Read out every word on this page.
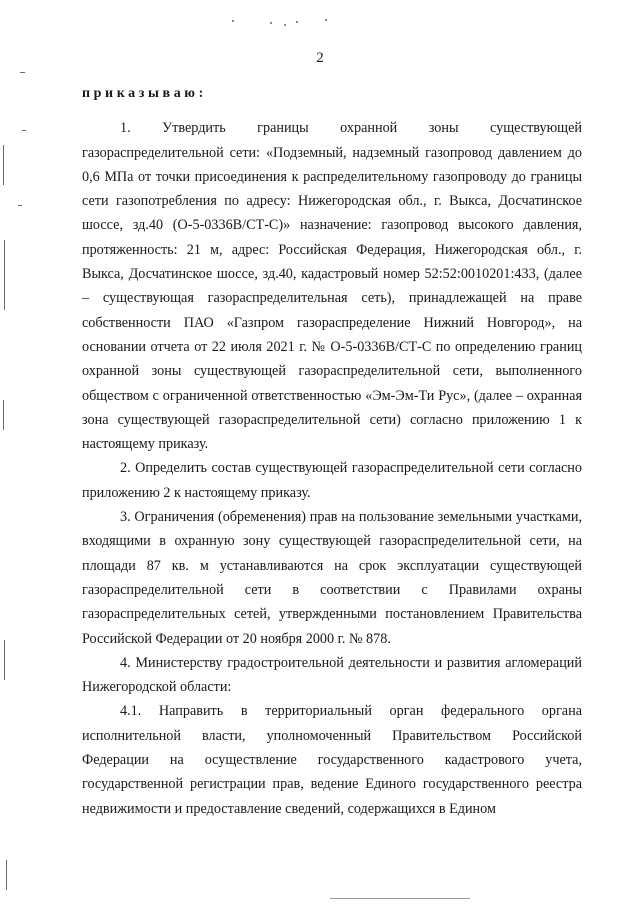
2
приказываю:

1. Утвердить границы охранной зоны существующей газораспределительной сети: «Подземный, надземный газопровод давлением до 0,6 МПа от точки присоединения к распределительному газопроводу до границы сети газопотребления по адресу: Нижегородская обл., г. Выкса, Досчатинское шоссе, зд.40 (О-5-0336В/СТ-С)» назначение: газопровод высокого давления, протяженность: 21 м, адрес: Российская Федерация, Нижегородская обл., г. Выкса, Досчатинское шоссе, зд.40, кадастровый номер 52:52:0010201:433, (далее – существующая газораспределительная сеть), принадлежащей на праве собственности ПАО «Газпром газораспределение Нижний Новгород», на основании отчета от 22 июля 2021 г. № О-5-0336В/СТ-С по определению границ охранной зоны существующей газораспределительной сети, выполненного обществом с ограниченной ответственностью «Эм-Эм-Ти Рус», (далее – охранная зона существующей газораспределительной сети) согласно приложению 1 к настоящему приказу.

2. Определить состав существующей газораспределительной сети согласно приложению 2 к настоящему приказу.

3. Ограничения (обременения) прав на пользование земельными участками, входящими в охранную зону существующей газораспределительной сети, на площади 87 кв. м устанавливаются на срок эксплуатации существующей газораспределительной сети в соответствии с Правилами охраны газораспределительных сетей, утвержденными постановлением Правительства Российской Федерации от 20 ноября 2000 г. № 878.

4. Министерству градостроительной деятельности и развития агломераций Нижегородской области:

4.1. Направить в территориальный орган федерального органа исполнительной власти, уполномоченный Правительством Российской Федерации на осуществление государственного кадастрового учета, государственной регистрации прав, ведение Единого государственного реестра недвижимости и предоставление сведений, содержащихся в Едином
